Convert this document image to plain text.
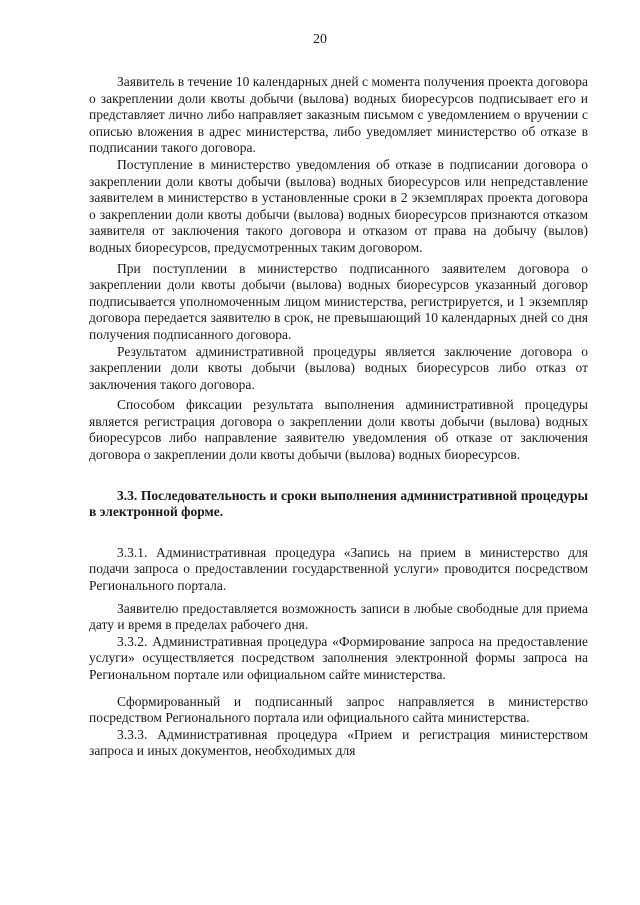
20

Заявитель в течение 10 календарных дней с момента получения проекта договора о закреплении доли квоты добычи (вылова) водных биоресурсов подписывает его и представляет лично либо направляет заказным письмом с уведомлением о вручении с описью вложения в адрес министерства, либо уведомляет министерство об отказе в подписании такого договора.

Поступление в министерство уведомления об отказе в подписании договора о закреплении доли квоты добычи (вылова) водных биоресурсов или непредставление заявителем в министерство в установленные сроки в 2 экземплярах проекта договора о закреплении доли квоты добычи (вылова) водных биоресурсов признаются отказом заявителя от заключения такого договора и отказом от права на добычу (вылов) водных биоресурсов, предусмотренных таким договором.

При поступлении в министерство подписанного заявителем договора о закреплении доли квоты добычи (вылова) водных биоресурсов указанный договор подписывается уполномоченным лицом министерства, регистрируется, и 1 экземпляр договора передается заявителю в срок, не превышающий 10 календарных дней со дня получения подписанного договора.

Результатом административной процедуры является заключение договора о закреплении доли квоты добычи (вылова) водных биоресурсов либо отказ от заключения такого договора.

Способом фиксации результата выполнения административной процедуры является регистрация договора о закреплении доли квоты добычи (вылова) водных биоресурсов либо направление заявителю уведомления об отказе от заключения договора о закреплении доли квоты добычи (вылова) водных биоресурсов.

3.3. Последовательность и сроки выполнения административной процедуры в электронной форме.

3.3.1. Административная процедура «Запись на прием в министерство для подачи запроса о предоставлении государственной услуги» проводится посредством Регионального портала.

Заявителю предоставляется возможность записи в любые свободные для приема дату и время в пределах рабочего дня.

3.3.2. Административная процедура «Формирование запроса на предоставление услуги» осуществляется посредством заполнения электронной формы запроса на Региональном портале или официальном сайте министерства.

Сформированный и подписанный запрос направляется в министерство посредством Регионального портала или официального сайта министерства.

3.3.3. Административная процедура «Прием и регистрация министерством запроса и иных документов, необходимых для
